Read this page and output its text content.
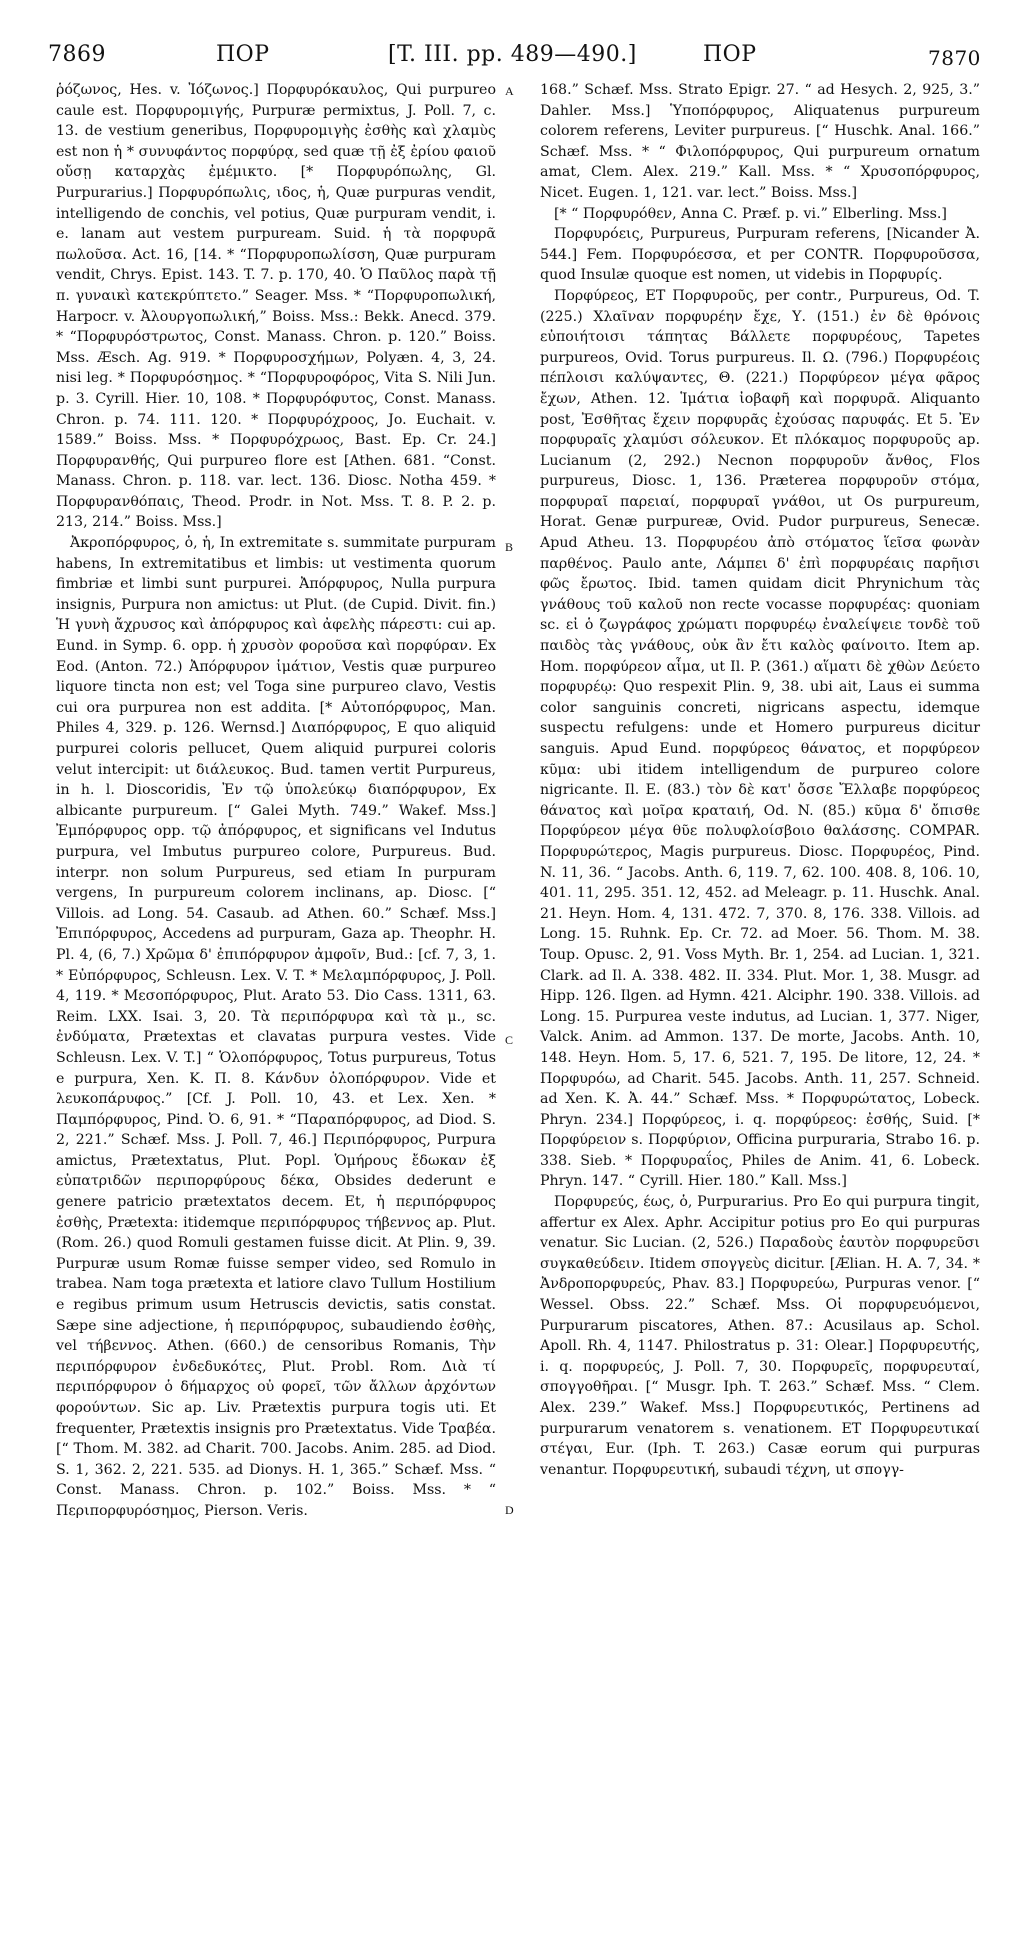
7869	ΠΟΡ	[T. III. pp. 489—490.]	ΠΟΡ	7870
A
B
C
D

ῥόζωνος, Hes. v. Ἰόζωνος.] Πορφυρόκαυλος, Qui purpureo caule est. Πορφυρομιγής, Purpuræ permixtus, J. Poll. 7, c. 13. de vestium generibus, Πορφυρομιγὴς ἐσθὴς καὶ χλαμὺς est non ἡ * συνυφάντος πορφύρᾳ, sed quæ τῇ ἐξ ἐρίου φαιοῦ οὔσῃ καταρχὰς ἐμέμικτο. [* Πορφυρόπωλης, Gl. Purpurarius.] Πορφυρόπωλις, ιδος, ἡ, Quæ purpuras vendit, intelligendo de conchis, vel potius, Quæ purpuram vendit, i. e. lanam aut vestem purpuream. Suid. ἡ τὰ πορφυρᾶ πωλοῦσα. Act. 16, [14. * “Πορφυροπωλίσση, Quæ purpuram vendit, Chrys. Epist. 143. T. 7. p. 170, 40. Ὁ Παῦλος παρὰ τῇ π. γυναικὶ κατεκρύπτετο.” Seager. Mss. * “Πορφυροπωλική, Harpocr. v. Ἀλουργοπωλική,” Boiss. Mss.: Bekk. Anecd. 379. * “Πορφυρόστρωτος, Const. Manass. Chron. p. 120.” Boiss. Mss. Æsch. Ag. 919. * Πορφυροσχήμων, Polyæn. 4, 3, 24. nisi leg. * Πορφυρόσημος. * “Πορφυροφόρος, Vita S. Nili Jun. p. 3. Cyrill. Hier. 10, 108. * Πορφυρόφυτος, Const. Manass. Chron. p. 74. 111. 120. * Πορφυρόχροος, Jo. Euchait. v. 1589.” Boiss. Mss. * Πορφυρόχρωος, Bast. Ep. Cr. 24.] Πορφυρανθής, Qui purpureo flore est [Athen. 681. “Const. Manass. Chron. p. 118. var. lect. 136. Diosc. Notha 459. * Πορφυρανθόπαις, Theod. Prodr. in Not. Mss. T. 8. P. 2. p. 213, 214.” Boiss. Mss.]

Ἀκροπόρφυρος, ὁ, ἡ, In extremitate s. summitate purpuram habens, In extremitatibus et limbis: ut vestimenta quorum fimbriæ et limbi sunt purpurei. Ἀπόρφυρος, Nulla purpura insignis, Purpura non amictus: ut Plut. (de Cupid. Divit. fin.) Ἡ γυνὴ ἄχρυσος καὶ ἀπόρφυρος καὶ ἀφελὴς πάρεστι: cui ap. Eund. in Symp. 6. opp. ἡ χρυσὸν φοροῦσα καὶ πορφύραν. Ex Eod. (Anton. 72.) Ἀπόρφυρον ἱμάτιον, Vestis quæ purpureo liquore tincta non est; vel Toga sine purpureo clavo, Vestis cui ora purpurea non est addita. [* Αὐτοπόρφυρος, Man. Philes 4, 329. p. 126. Wernsd.] Διαπόρφυρος, E quo aliquid purpurei coloris pellucet, Quem aliquid purpurei coloris velut intercipit: ut διάλευκος. Bud. tamen vertit Purpureus, in h. l. Dioscoridis, Ἐν τῷ ὑπολεύκῳ διαπόρφυρον, Ex albicante purpureum. [“ Galei Myth. 749.” Wakef. Mss.] Ἐμπόρφυρος opp. τῷ ἀπόρφυρος, et significans vel Indutus purpura, vel Imbutus purpureo colore, Purpureus. Bud. interpr. non solum Purpureus, sed etiam In purpuram vergens, In purpureum colorem inclinans, ap. Diosc. [“ Villois. ad Long. 54. Casaub. ad Athen. 60.” Schæf. Mss.] Ἐπιπόρφυρος, Accedens ad purpuram, Gaza ap. Theophr. H. Pl. 4, (6, 7.) Χρῶμα δ' ἐπιπόρφυρον ἀμφοῖν, Bud.: [cf. 7, 3, 1. * Εὐπόρφυρος, Schleusn. Lex. V. T. * Μελαμπόρφυρος, J. Poll. 4, 119. * Μεσοπόρφυρος, Plut. Arato 53. Dio Cass. 1311, 63. Reim. LXX. Isai. 3, 20. Τὰ περιπόρφυρα καὶ τὰ μ., sc. ἐνδύματα, Prætextas et clavatas purpura vestes. Vide Schleusn. Lex. V. T.] “ Ὁλοπόρφυρος, Totus purpureus, Totus e purpura, Xen. K. Π. 8. Κάνδυν ὁλοπόρφυρον. Vide et λευκοπάρυφος.” [Cf. J. Poll. 10, 43. et Lex. Xen. * Παμπόρφυρος, Pind. Ὀ. 6, 91. * “Παραπόρφυρος, ad Diod. S. 2, 221.” Schæf. Mss. J. Poll. 7, 46.] Περιπόρφυρος, Purpura amictus, Prætextatus, Plut. Popl. Ὁμήρους ἔδωκαν ἐξ εὐπατριδῶν περιπορφύρους δέκα, Obsides dederunt e genere patricio prætextatos decem. Et, ἡ περιπόρφυρος ἐσθὴς, Prætexta: itidemque περιπόρφυρος τήβεννος ap. Plut. (Rom. 26.) quod Romuli gestamen fuisse dicit. At Plin. 9, 39. Purpuræ usum Romæ fuisse semper video, sed Romulo in trabea. Nam toga prætexta et latiore clavo Tullum Hostilium e regibus primum usum Hetruscis devictis, satis constat. Sæpe sine adjectione, ἡ περιπόρφυρος, subaudiendo ἐσθὴς, vel τήβεννος. Athen. (660.) de censoribus Romanis, Τὴν περιπόρφυρον ἐνδεδυκότες, Plut. Probl. Rom. Διὰ τί περιπόρφυρον ὁ δήμαρχος οὐ φορεῖ, τῶν ἄλλων ἀρχόντων φορούντων. Sic ap. Liv. Prætextis purpura togis uti. Et frequenter, Prætextis insignis pro Prætextatus. Vide Τραβέα. [“ Thom. M. 382. ad Charit. 700. Jacobs. Anim. 285. ad Diod. S. 1, 362. 2, 221. 535. ad Dionys. H. 1, 365.” Schæf. Mss. “ Const. Manass. Chron. p. 102.” Boiss. Mss. * “ Περιπορφυρόσημος, Pierson. Veris.

168.” Schæf. Mss. Strato Epigr. 27. “ ad Hesych. 2, 925, 3.” Dahler. Mss.] Ὑποπόρφυρος, Aliquatenus purpureum colorem referens, Leviter purpureus. [“ Huschk. Anal. 166.” Schæf. Mss. * “ Φιλοπόρφυρος, Qui purpureum ornatum amat, Clem. Alex. 219.” Kall. Mss. * “ Χρυσοπόρφυρος, Nicet. Eugen. 1, 121. var. lect.” Boiss. Mss.]

[* “ Πορφυρόθεν, Anna C. Præf. p. vi.” Elberling. Mss.]

Πορφυρόεις, Purpureus, Purpuram referens, [Nicander Ἀ. 544.] Fem. Πορφυρόεσσα, et per CONTR. Πορφυροῦσσα, quod Insulæ quoque est nomen, ut videbis in Πορφυρίς.

Πορφύρεος, ΕΤ Πορφυροῦς, per contr., Purpureus, Od. T. (225.) Χλαῖναν πορφυρέην ἔχε, Υ. (151.) ἐν δὲ θρόνοις εὐποιήτοισι τάπητας Βάλλετε πορφυρέους, Tapetes purpureos, Ovid. Torus purpureus. Il. Ω. (796.) Πορφυρέοις πέπλοισι καλύψαντες, Θ. (221.) Πορφύρεον μέγα φᾶρος ἔχων, Athen. 12. Ἱμάτια ἰοβαφῆ καὶ πορφυρᾶ. Aliquanto post, Ἐσθῆτας ἔχειν πορφυρᾶς ἐχούσας παρυφάς. Et 5. Ἐν πορφυραῖς χλαμύσι σόλευκον. Et πλόκαμος πορφυροῦς ap. Lucianum (2, 292.) Necnon πορφυροῦν ἄνθος, Flos purpureus, Diosc. 1, 136. Præterea πορφυροῦν στόμα, πορφυραῖ παρειαί, πορφυραῖ γνάθοι, ut Os purpureum, Horat. Genæ purpureæ, Ovid. Pudor purpureus, Senecæ. Apud Atheu. 13. Πορφυρέου ἀπὸ στόματος ἵεῖσα φωνὰν παρθένος. Paulo ante, Λάμπει δ' ἐπὶ πορφυρέαις παρῆισι φῶς ἔρωτος. Ibid. tamen quidam dicit Phrynichum τὰς γνάθους τοῦ καλοῦ non recte vocasse πορφυρέας: quoniam sc. εἰ ὁ ζωγράφος χρώματι πορφυρέῳ ἐναλείψειε τονδὲ τοῦ παιδὸς τὰς γνάθους, οὐκ ἂν ἔτι καλὸς φαίνοιτο. Item ap. Hom. πορφύρεον αἷμα, ut Il. P. (361.) αἵματι δὲ χθὼν Δεύετο πορφυρέῳ: Quo respexit Plin. 9, 38. ubi ait, Laus ei summa color sanguinis concreti, nigricans aspectu, idemque suspectu refulgens: unde et Homero purpureus dicitur sanguis. Apud Eund. πορφύρεος θάνατος, et πορφύρεον κῦμα: ubi itidem intelligendum de purpureo colore nigricante. Il. E. (83.) τὸν δὲ κατ' ὄσσε Ἔλλαβε πορφύρεος θάνατος καὶ μοῖρα κραταιή, Od. N. (85.) κῦμα δ' ὄπισθε Πορφύρεον μέγα θῦε πολυφλοίσβοιο θαλάσσης. COMPAR. Πορφυρώτερος, Magis purpureus. Diosc. Πορφυρέος, Pind. N. 11, 36. “ Jacobs. Anth. 6, 119. 7, 62. 100. 408. 8, 106. 10, 401. 11, 295. 351. 12, 452. ad Meleagr. p. 11. Huschk. Anal. 21. Heyn. Hom. 4, 131. 472. 7, 370. 8, 176. 338. Villois. ad Long. 15. Ruhnk. Ep. Cr. 72. ad Moer. 56. Thom. M. 38. Toup. Opusc. 2, 91. Voss Myth. Br. 1, 254. ad Lucian. 1, 321. Clark. ad Il. A. 338. 482. II. 334. Plut. Mor. 1, 38. Musgr. ad Hipp. 126. Ilgen. ad Hymn. 421. Alciphr. 190. 338. Villois. ad Long. 15. Purpurea veste indutus, ad Lucian. 1, 377. Niger, Valck. Anim. ad Ammon. 137. De morte, Jacobs. Anth. 10, 148. Heyn. Hom. 5, 17. 6, 521. 7, 195. De litore, 12, 24. * Πορφυρόω, ad Charit. 545. Jacobs. Anth. 11, 257. Schneid. ad Xen. K. Ἀ. 44.” Schæf. Mss. * Πορφυρώτατος, Lobeck. Phryn. 234.] Πορφύρεος, i. q. πορφύρεος: ἐσθής, Suid. [* Πορφύρειον s. Πορφύριον, Officina purpuraria, Strabo 16. p. 338. Sieb. * Πορφυραΐος, Philes de Anim. 41, 6. Lobeck. Phryn. 147. “ Cyrill. Hier. 180.” Kall. Mss.]

Πορφυρεύς, έως, ὁ, Purpurarius. Pro Eo qui purpura tingit, affertur ex Alex. Aphr. Accipitur potius pro Eo qui purpuras venatur. Sic Lucian. (2, 526.) Παραδοὺς ἑαυτὸν πορφυρεῦσι συγκαθεύδειν. Itidem σπογγεὺς dicitur. [Ælian. H. A. 7, 34. * Ἀνδροπορφυρεύς, Phav. 83.] Πορφυρεύω, Purpuras venor. [“ Wessel. Obss. 22.” Schæf. Mss. Οἱ πορφυρευόμενοι, Purpurarum piscatores, Athen. 87.: Acusilaus ap. Schol. Apoll. Rh. 4, 1147. Philostratus p. 31: Olear.] Πορφυρευτής, i. q. πορφυρεύς, J. Poll. 7, 30. Πορφυρεῖς, πορφυρευταί, σπογγοθῆραι. [“ Musgr. Iph. T. 263.” Schæf. Mss. “ Clem. Alex. 239.” Wakef. Mss.] Πορφυρευτικός, Pertinens ad purpurarum venatorem s. venationem. ΕΤ Πορφυρευτικαί στέγαι, Eur. (Iph. T. 263.) Casæ eorum qui purpuras venantur. Πορφυρευτική, subaudi τέχνη, ut σπογγ-
